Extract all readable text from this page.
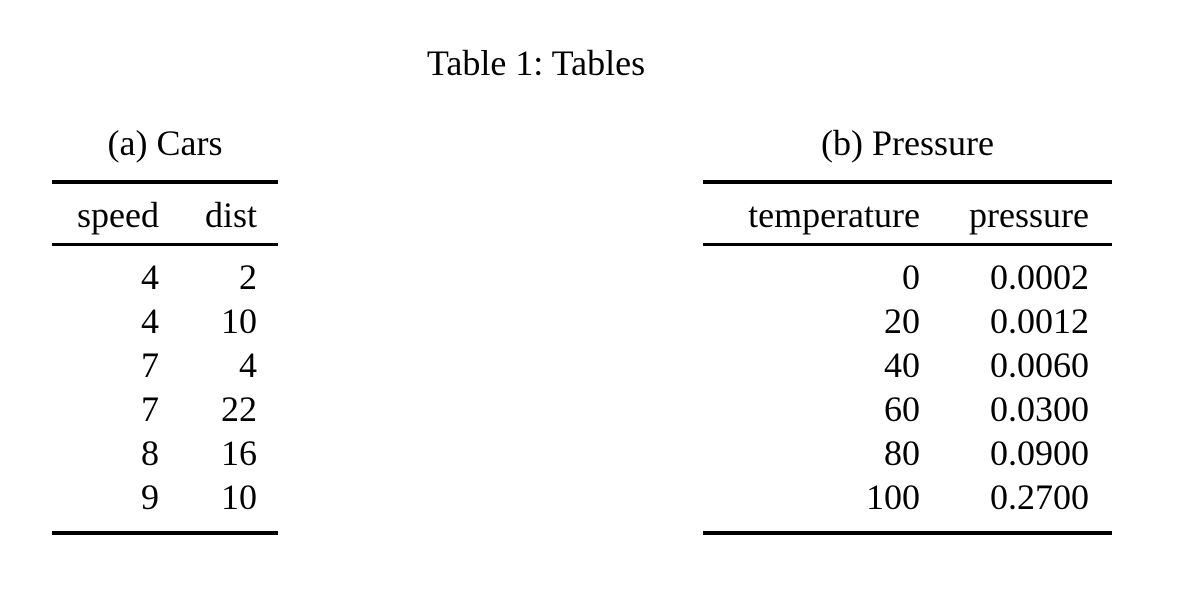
Table 1: Tables
(a) Cars
speed	dist
4	2
4	10
7	4
7	22
8	16
9	10
(b) Pressure
temperature	pressure
0	0.0002
20	0.0012
40	0.0060
60	0.0300
80	0.0900
100	0.2700
